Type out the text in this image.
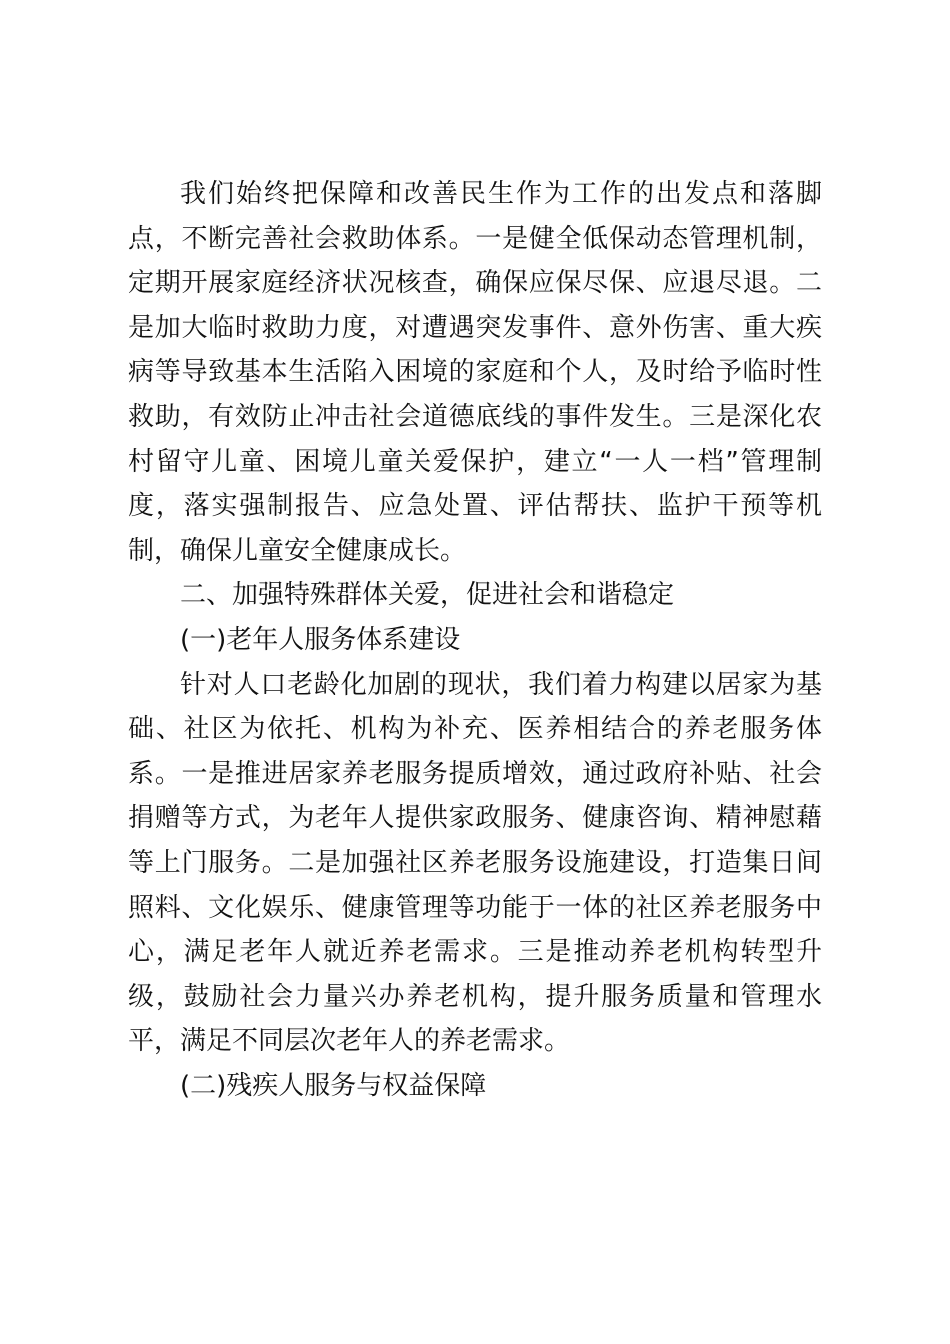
我们始终把保障和改善民生作为工作的出发点和落脚点，不断完善社会救助体系。一是健全低保动态管理机制，定期开展家庭经济状况核查，确保应保尽保、应退尽退。二是加大临时救助力度，对遭遇突发事件、意外伤害、重大疾病等导致基本生活陷入困境的家庭和个人，及时给予临时性救助，有效防止冲击社会道德底线的事件发生。三是深化农村留守儿童、困境儿童关爱保护，建立“一人一档”管理制度，落实强制报告、应急处置、评估帮扶、监护干预等机制，确保儿童安全健康成长。

二、加强特殊群体关爱，促进社会和谐稳定

(一)老年人服务体系建设

针对人口老龄化加剧的现状，我们着力构建以居家为基础、社区为依托、机构为补充、医养相结合的养老服务体系。一是推进居家养老服务提质增效，通过政府补贴、社会捐赠等方式，为老年人提供家政服务、健康咨询、精神慰藉等上门服务。二是加强社区养老服务设施建设，打造集日间照料、文化娱乐、健康管理等功能于一体的社区养老服务中心，满足老年人就近养老需求。三是推动养老机构转型升级，鼓励社会力量兴办养老机构，提升服务质量和管理水平，满足不同层次老年人的养老需求。

(二)残疾人服务与权益保障
